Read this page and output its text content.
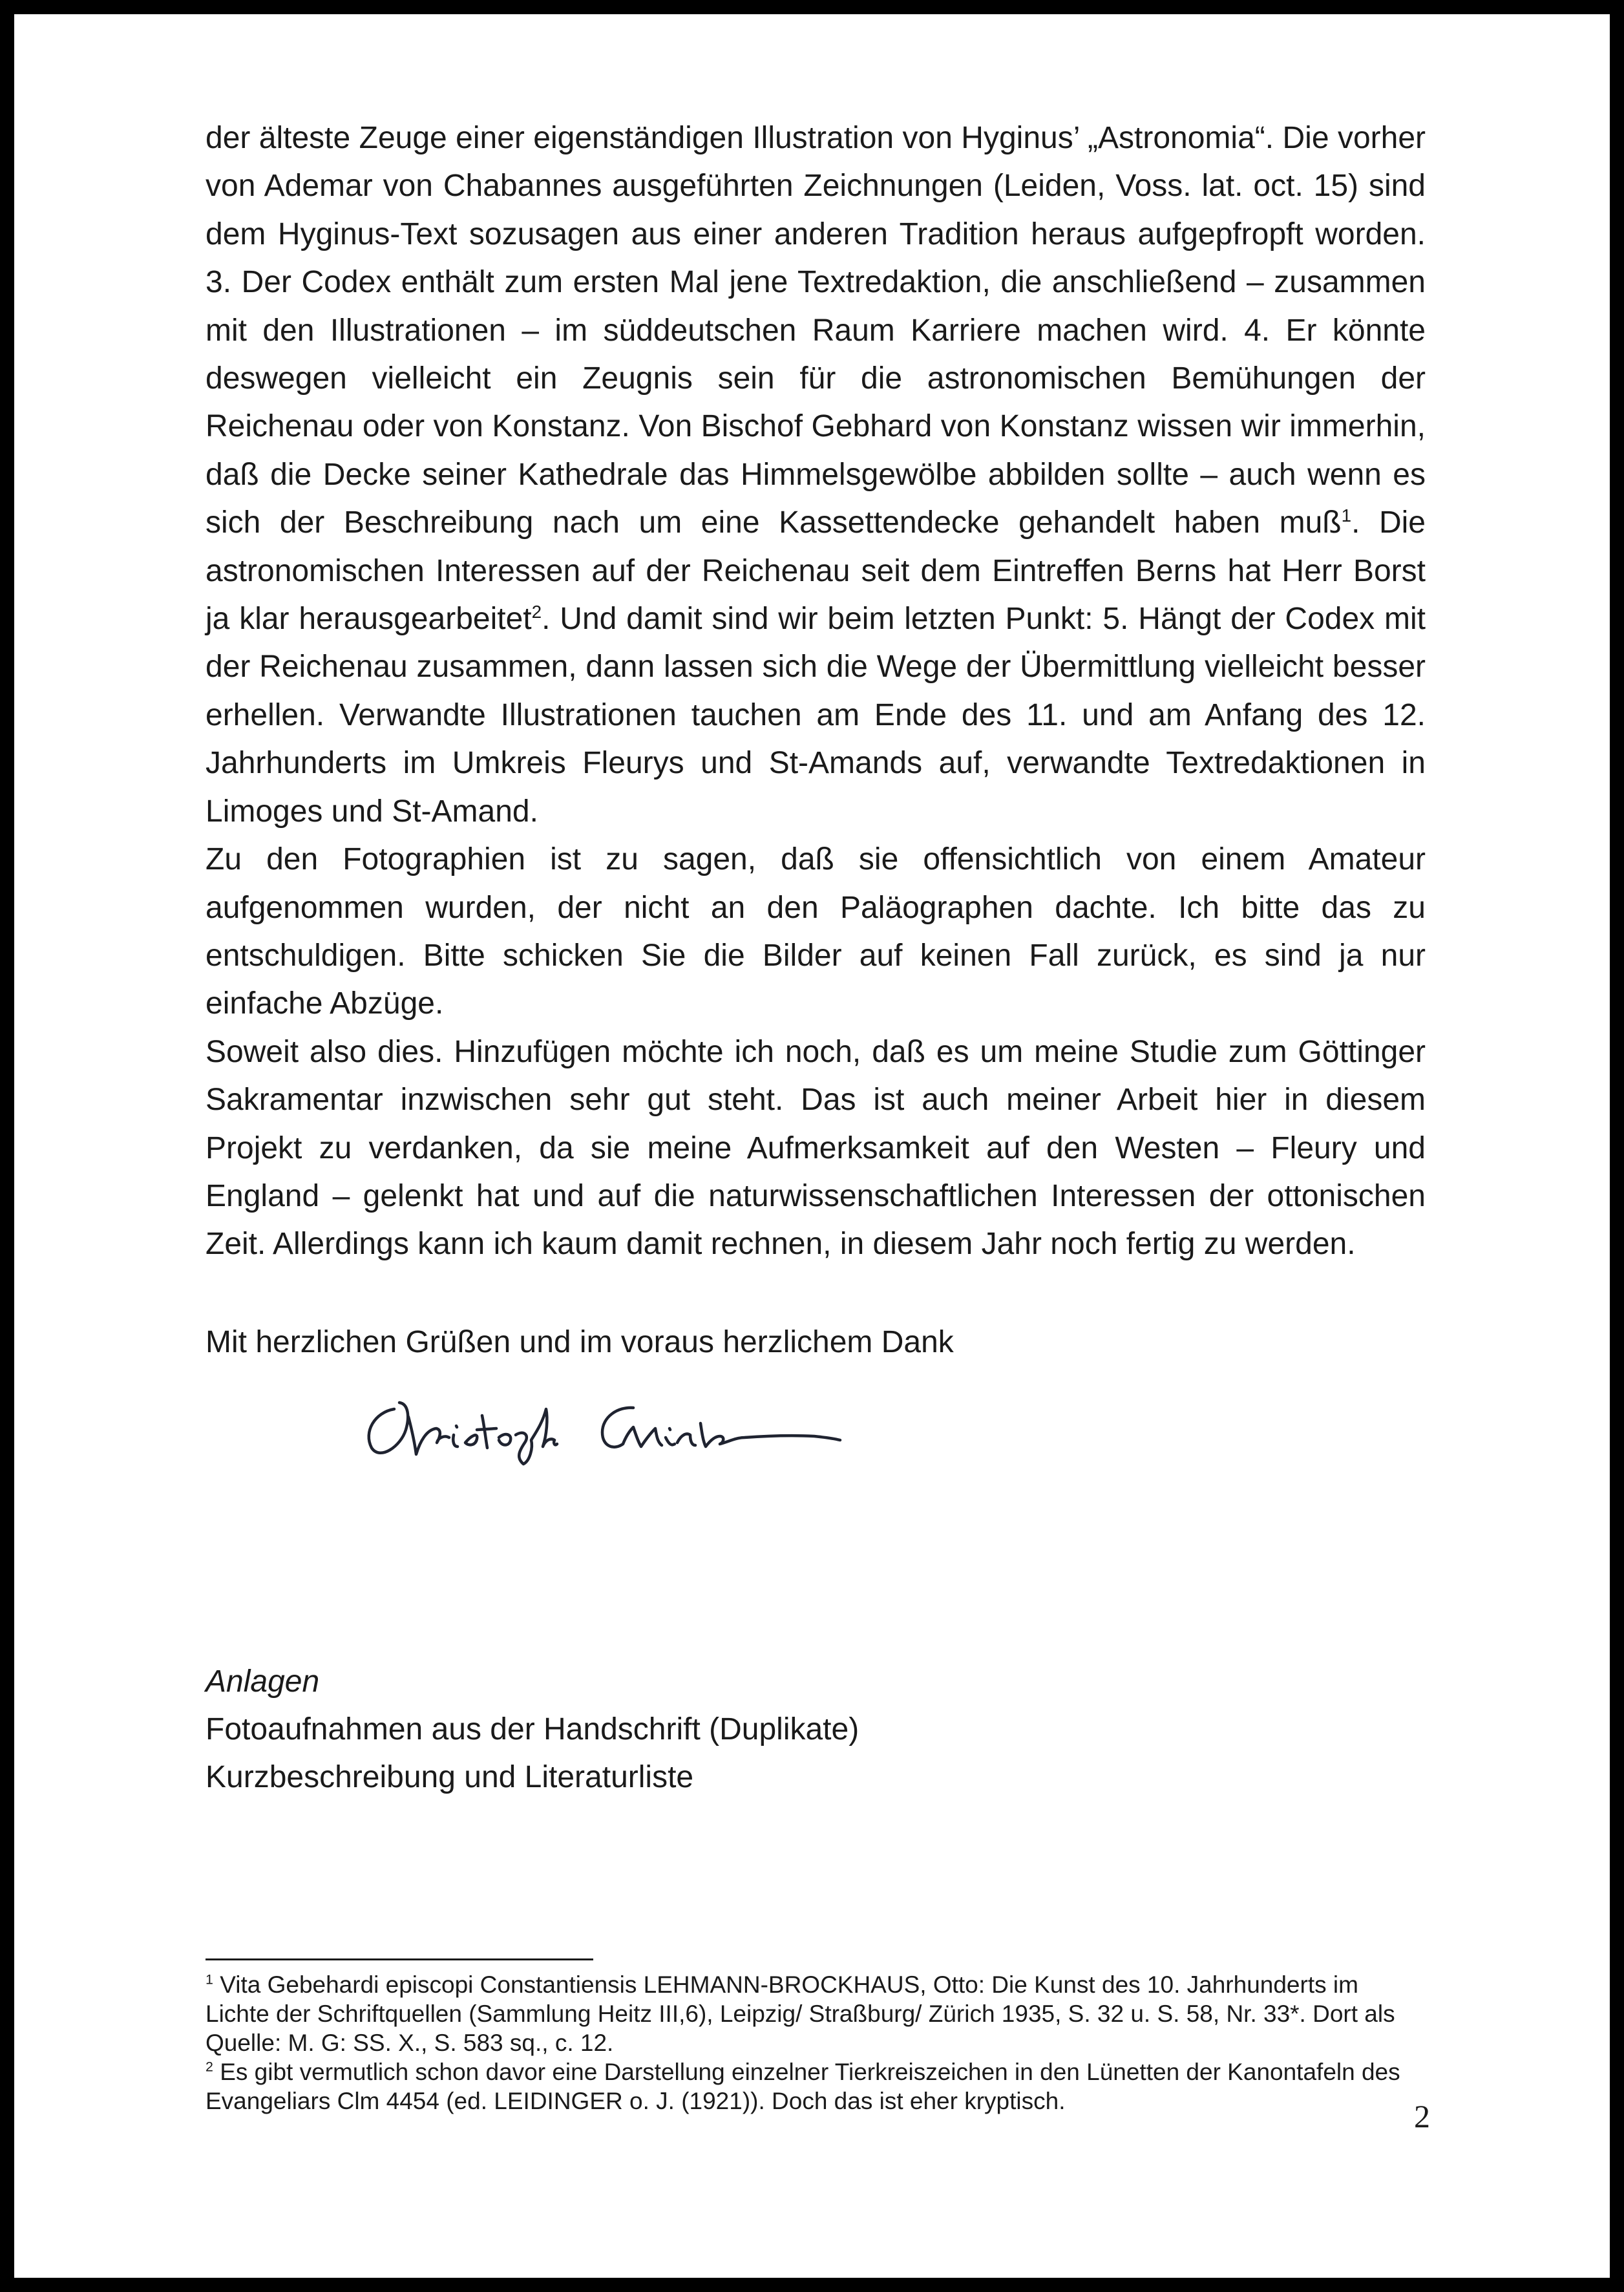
der älteste Zeuge einer eigenständigen Illustration von Hyginus’ „Astronomia“. Die vorher von Ademar von Chabannes ausgeführten Zeichnungen (Leiden, Voss. lat. oct. 15) sind dem Hyginus-Text sozusagen aus einer anderen Tradition heraus aufgepfropft worden. 3. Der Codex enthält zum ersten Mal jene Textredaktion, die anschließend – zusammen mit den Illustrationen – im süddeutschen Raum Karriere machen wird. 4. Er könnte deswegen vielleicht ein Zeugnis sein für die astronomischen Bemühungen der Reichenau oder von Konstanz. Von Bischof Gebhard von Konstanz wissen wir immerhin, daß die Decke seiner Kathedrale das Himmelsgewölbe abbilden sollte – auch wenn es sich der Beschreibung nach um eine Kassettendecke gehandelt haben muß$^1$. Die astronomischen Interessen auf der Reichenau seit dem Eintreffen Berns hat Herr Borst ja klar herausgearbeitet$^2$. Und damit sind wir beim letzten Punkt: 5. Hängt der Codex mit der Reichenau zusammen, dann lassen sich die Wege der Übermittlung vielleicht besser erhellen. Verwandte Illustrationen tauchen am Ende des 11. und am Anfang des 12. Jahrhunderts im Umkreis Fleurys und St-Amands auf, verwandte Textredaktionen in Limoges und St-Amand.

Zu den Fotographien ist zu sagen, daß sie offensichtlich von einem Amateur aufgenommen wurden, der nicht an den Paläographen dachte. Ich bitte das zu entschuldigen. Bitte schicken Sie die Bilder auf keinen Fall zurück, es sind ja nur einfache Abzüge.

Soweit also dies. Hinzufügen möchte ich noch, daß es um meine Studie zum Göttinger Sakramentar inzwischen sehr gut steht. Das ist auch meiner Arbeit hier in diesem Projekt zu verdanken, da sie meine Aufmerksamkeit auf den Westen – Fleury und England – gelenkt hat und auf die naturwissenschaftlichen Interessen der ottonischen Zeit. Allerdings kann ich kaum damit rechnen, in diesem Jahr noch fertig zu werden.

Mit herzlichen Grüßen und im voraus herzlichem Dank
Anlagen
Fotoaufnahmen aus der Handschrift (Duplikate)
Kurzbeschreibung und Literaturliste

$^1$ Vita Gebehardi episcopi Constantiensis LEHMANN-BROCKHAUS, Otto: Die Kunst des 10. Jahrhunderts im Lichte der Schriftquellen (Sammlung Heitz III,6), Leipzig/ Straßburg/ Zürich 1935, S. 32 u. S. 58, Nr. 33*. Dort als Quelle: M. G: SS. X., S. 583 sq., c. 12.

$^2$ Es gibt vermutlich schon davor eine Darstellung einzelner Tierkreiszeichen in den Lünetten der Kanontafeln des Evangeliars Clm 4454 (ed. LEIDINGER o. J. (1921)). Doch das ist eher kryptisch.	2
